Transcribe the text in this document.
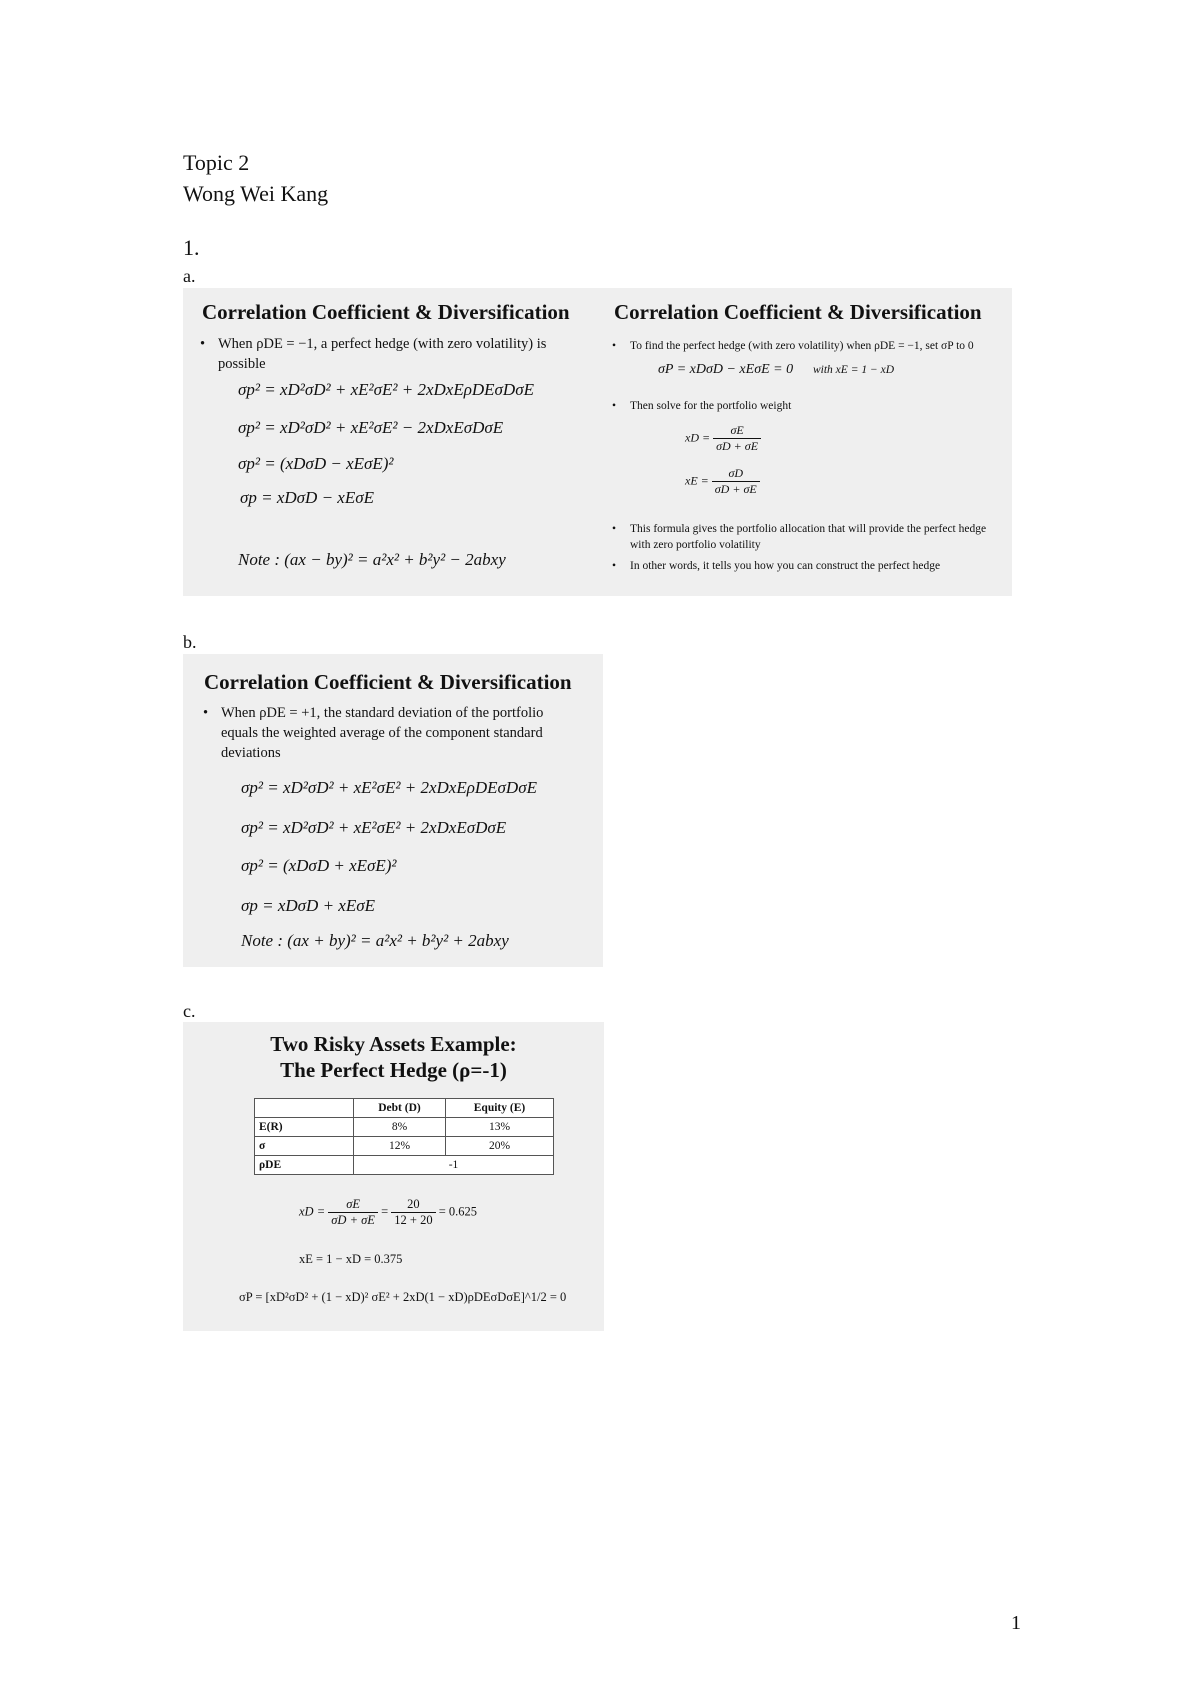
Topic 2
Wong Wei Kang
1.
a.
Correlation Coefficient & Diversification
• When ρDE = −1, a perfect hedge (with zero volatility) is possible
σp² = xD²σD² + xE²σE² + 2xDxEρDEσDσE
σp² = xD²σD² + xE²σE² − 2xDxEσDσE
σp² = (xDσD − xEσE)²
σp = xDσD − xEσE
Note : (ax − by)² = a²x² + b²y² − 2abxy
Correlation Coefficient & Diversification
• To find the perfect hedge (with zero volatility) when ρDE = −1, set σP to 0
σP = xDσD − xEσE = 0 with xE = 1 − xD
• Then solve for the portfolio weight
xD = $\frac{\sigma E}{\sigma D + \sigma E}$
xE = $\frac{\sigma D}{\sigma D + \sigma E}$
• This formula gives the portfolio allocation that will provide the perfect hedge with zero portfolio volatility
• In other words, it tells you how you can construct the perfect hedge
b.
Correlation Coefficient & Diversification
• When ρDE = +1, the standard deviation of the portfolio equals the weighted average of the component standard deviations
σp² = xD²σD² + xE²σE² + 2xDxEρDEσDσE
σp² = xD²σD² + xE²σE² + 2xDxEσDσE
σp² = (xDσD + xEσE)²
σp = xDσD + xEσE
Note : (ax + by)² = a²x² + b²y² + 2abxy
c.
Two Risky Assets Example:
The Perfect Hedge (ρ=-1)
	Debt (D)	Equity (E)
E(R)	8%	13%
σ	12%	20%
ρDE	-1	
xD = $\frac{\sigma E}{\sigma D + \sigma E} = \frac{20}{12 + 20} = 0.625$
xE = 1 − xD = 0.375
σP = [xD²σD² + (1 − xD)² σE² + 2xD(1 − xD)ρDEσDσE]^1/2 = 0
1
